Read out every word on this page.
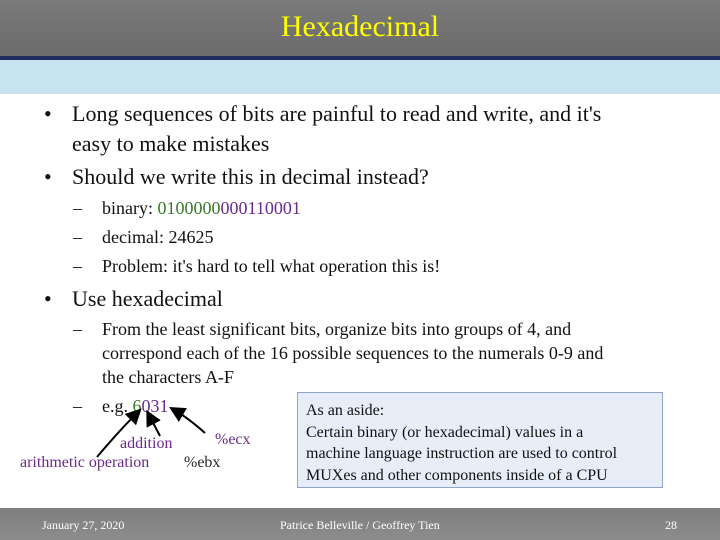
Hexadecimal
• Long sequences of bits are painful to read and write, and it's
easy to make mistakes
• Should we write this in decimal instead?
–	binary: 0100000000110001
–	decimal: 24625
–	Problem: it's hard to tell what operation this is!
• Use hexadecimal
–	From the least significant bits, organize bits into groups of 4, and
correspond each of the 16 possible sequences to the numerals 0-9 and
the characters A-F
–	e.g. 6031
%ecx
addition
arithmetic operation %ebx
As an aside:
Certain binary (or hexadecimal) values in a
machine language instruction are used to control
MUXes and other components inside of a CPU
January 27, 2020	Patrice Belleville / Geoffrey Tien	28
